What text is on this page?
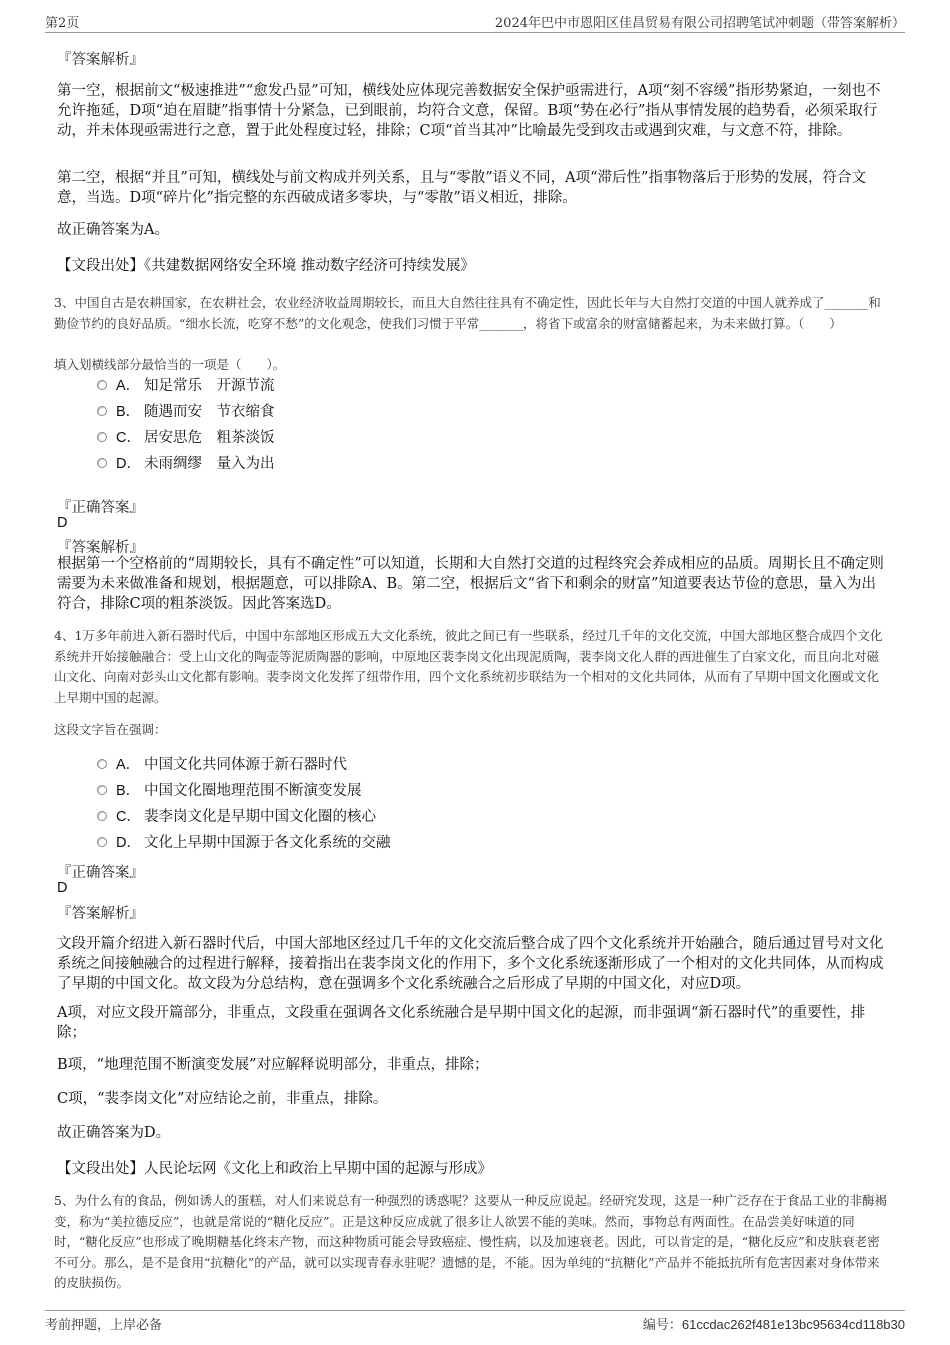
第2页	2024年巴中市恩阳区佳昌贸易有限公司招聘笔试冲刺题（带答案解析）
『答案解析』
第一空，根据前文“极速推进”“愈发凸显”可知，横线处应体现完善数据安全保护亟需进行，A项“刻不容缓”指形势紧迫，一刻也不允许拖延，D项“迫在眉睫”指事情十分紧急，已到眼前，均符合文意，保留。B项“势在必行”指从事情发展的趋势看，必须采取行动，并未体现亟需进行之意，置于此处程度过轻，排除；C项“首当其冲”比喻最先受到攻击或遇到灾难，与文意不符，排除。
第二空，根据“并且”可知，横线处与前文构成并列关系，且与“零散”语义不同，A项“滞后性”指事物落后于形势的发展，符合文意，当选。D项“碎片化”指完整的东西破成诸多零块，与“零散”语义相近，排除。
故正确答案为A。
【文段出处】《共建数据网络安全环境 推动数字经济可持续发展》
3、中国自古是农耕国家，在农耕社会，农业经济收益周期较长，而且大自然往往具有不确定性，因此长年与大自然打交道的中国人就养成了_______和勤俭节约的良好品质。“细水长流，吃穿不愁”的文化观念，使我们习惯于平常_______，将省下或富余的财富储蓄起来，为未来做打算。（　　）
填入划横线部分最恰当的一项是（　　）。
A． 知足常乐　开源节流
B． 随遇而安　节衣缩食
C． 居安思危　粗茶淡饭
D． 未雨绸缪　量入为出
『正确答案』
D
『答案解析』
根据第一个空格前的“周期较长，具有不确定性”可以知道，长期和大自然打交道的过程终究会养成相应的品质。周期长且不确定则需要为未来做准备和规划，根据题意，可以排除A、B。第二空，根据后文“省下和剩余的财富”知道要表达节俭的意思，量入为出符合，排除C项的粗茶淡饭。因此答案选D。
4、1万多年前进入新石器时代后，中国中东部地区形成五大文化系统，彼此之间已有一些联系，经过几千年的文化交流，中国大部地区整合成四个文化系统并开始接触融合：受上山文化的陶壶等泥质陶器的影响，中原地区裴李岗文化出现泥质陶，裴李岗文化人群的西进催生了白家文化，而且向北对磁山文化、向南对彭头山文化都有影响。裴李岗文化发挥了纽带作用，四个文化系统初步联结为一个相对的文化共同体，从而有了早期中国文化圈或文化上早期中国的起源。
这段文字旨在强调：
A． 中国文化共同体源于新石器时代
B． 中国文化圈地理范围不断演变发展
C． 裴李岗文化是早期中国文化圈的核心
D． 文化上早期中国源于各文化系统的交融
『正确答案』
D
『答案解析』
文段开篇介绍进入新石器时代后，中国大部地区经过几千年的文化交流后整合成了四个文化系统并开始融合，随后通过冒号对文化系统之间接触融合的过程进行解释，接着指出在裴李岗文化的作用下，多个文化系统逐渐形成了一个相对的文化共同体，从而构成了早期的中国文化。故文段为分总结构，意在强调多个文化系统融合之后形成了早期的中国文化，对应D项。
A项，对应文段开篇部分，非重点，文段重在强调各文化系统融合是早期中国文化的起源，而非强调“新石器时代”的重要性，排除；
B项，“地理范围不断演变发展”对应解释说明部分，非重点，排除；
C项，“裴李岗文化”对应结论之前，非重点，排除。
故正确答案为D。
【文段出处】人民论坛网《文化上和政治上早期中国的起源与形成》
5、为什么有的食品，例如诱人的蛋糕，对人们来说总有一种强烈的诱惑呢？这要从一种反应说起。经研究发现，这是一种广泛存在于食品工业的非酶褐变，称为“美拉德反应”，也就是常说的“糖化反应”。正是这种反应成就了很多让人欲罢不能的美味。然而，事物总有两面性。在品尝美好味道的同时，“糖化反应”也形成了晚期糖基化终末产物，而这种物质可能会导致癌症、慢性病，以及加速衰老。因此，可以肯定的是，“糖化反应”和皮肤衰老密不可分。那么，是不是食用“抗糖化”的产品，就可以实现青春永驻呢？遗憾的是，不能。因为单纯的“抗糖化”产品并不能抵抗所有危害因素对身体带来的皮肤损伤。
考前押题，上岸必备	编号：61ccdac262f481e13bc95634cd118b30
